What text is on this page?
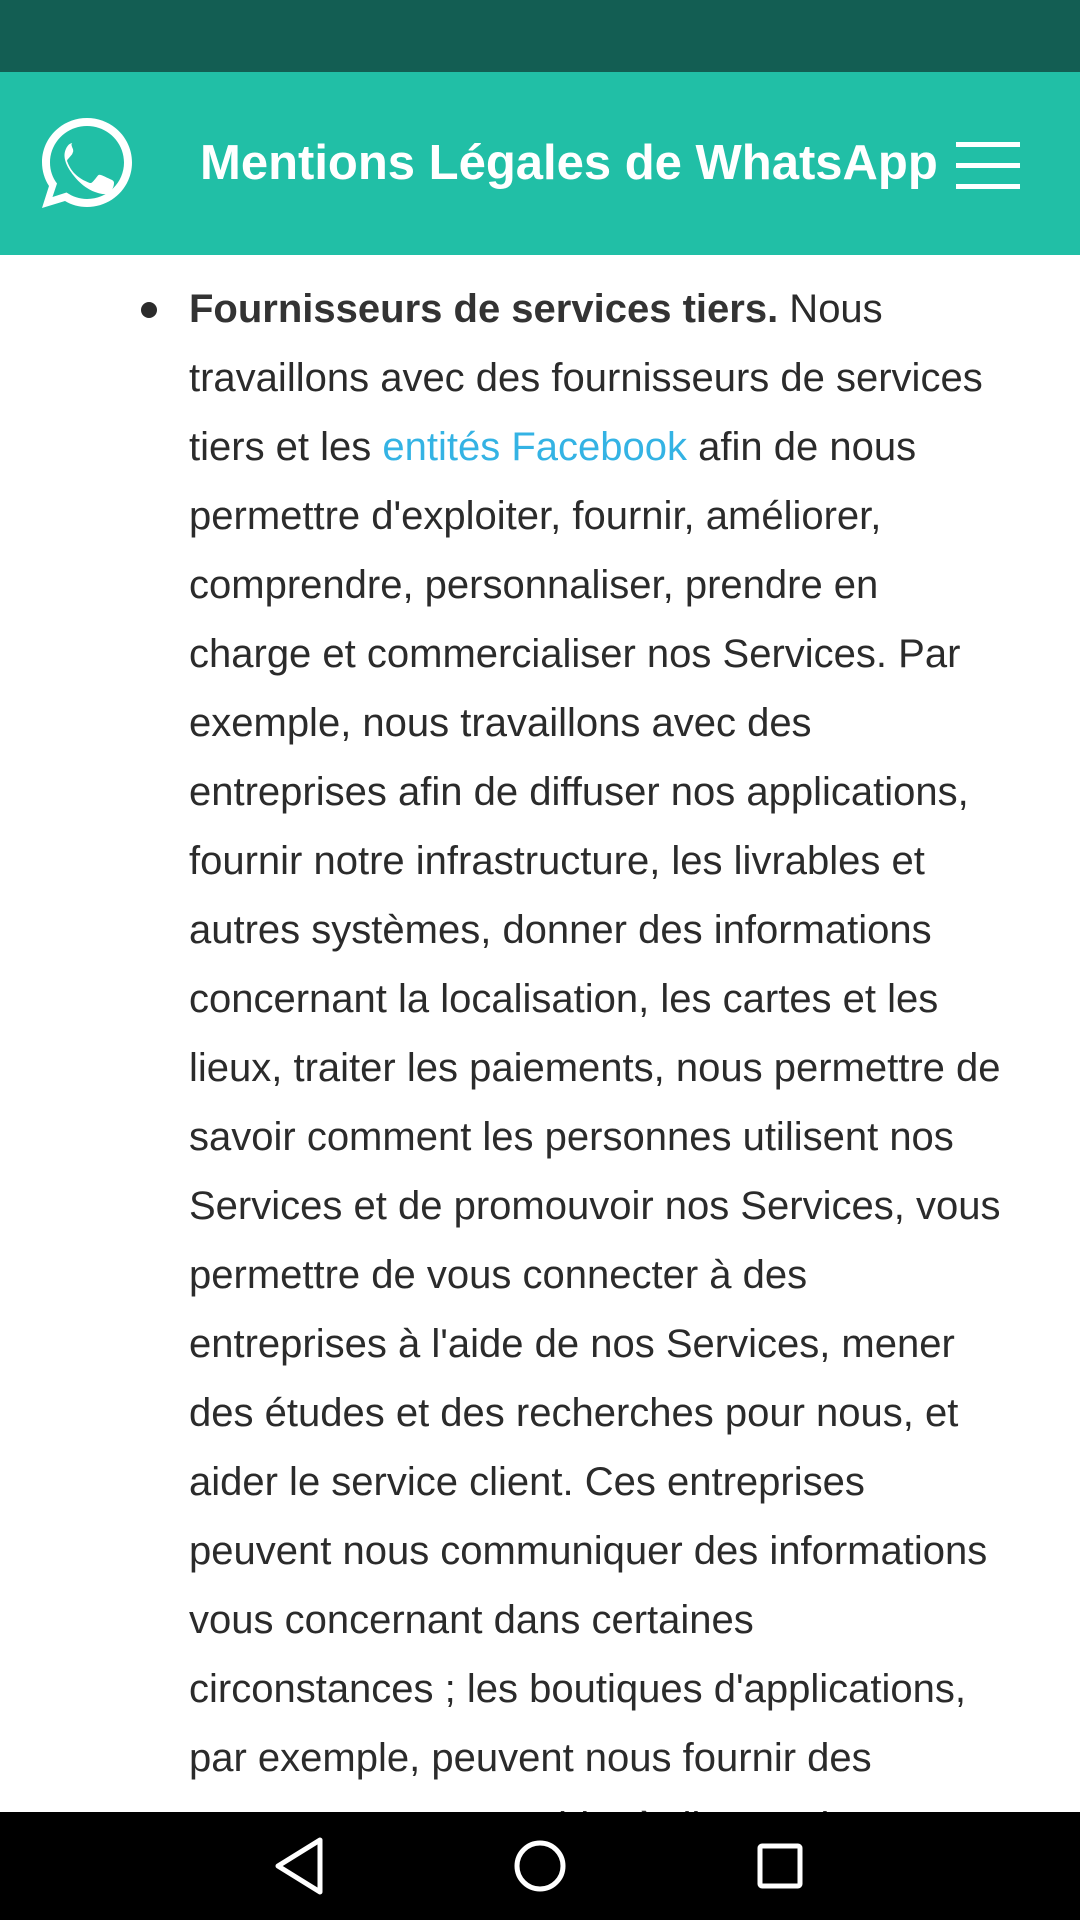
Mentions Légales de WhatsApp
Fournisseurs de services tiers. Nous travaillons avec des fournisseurs de services tiers et les entités Facebook afin de nous permettre d'exploiter, fournir, améliorer, comprendre, personnaliser, prendre en charge et commercialiser nos Services. Par exemple, nous travaillons avec des entreprises afin de diffuser nos applications, fournir notre infrastructure, les livrables et autres systèmes, donner des informations concernant la localisation, les cartes et les lieux, traiter les paiements, nous permettre de savoir comment les personnes utilisent nos Services et de promouvoir nos Services, vous permettre de vous connecter à des entreprises à l'aide de nos Services, mener des études et des recherches pour nous, et aider le service client. Ces entreprises peuvent nous communiquer des informations vous concernant dans certaines circonstances ; les boutiques d'applications, par exemple, peuvent nous fournir des
